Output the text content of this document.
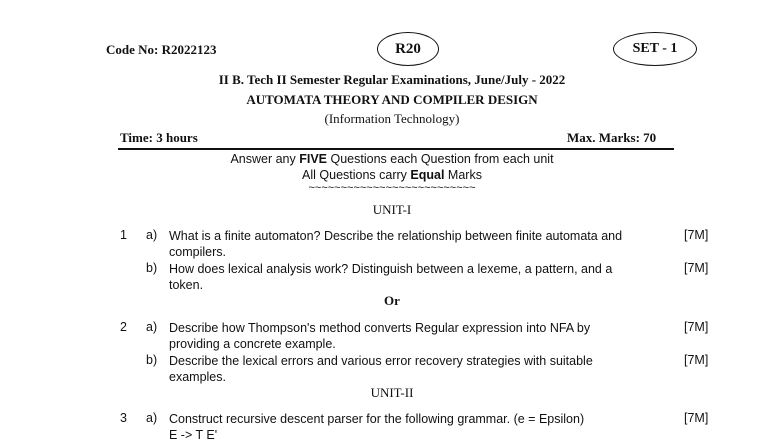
Code No: R2022123	R20	SET - 1
II B. Tech II Semester Regular Examinations, June/July - 2022
AUTOMATA THEORY AND COMPILER DESIGN
(Information Technology)
Time: 3 hours	Max. Marks: 70
Answer any FIVE Questions each Question from each unit
All Questions carry Equal Marks
~~~~~~~~~~~~~~~~~~~~~~~~~~
UNIT-I
1 a) What is a finite automaton? Describe the relationship between finite automata and
compilers.
[7M]
b) How does lexical analysis work? Distinguish between a lexeme, a pattern, and a
token.
[7M]
Or
2 a) Describe how Thompson's method converts Regular expression into NFA by
providing a concrete example.
[7M]
b) Describe the lexical errors and various error recovery strategies with suitable
examples.
[7M]
UNIT-II
3 a) Construct recursive descent parser for the following grammar. (e = Epsilon)
E -> T E'
[7M]
